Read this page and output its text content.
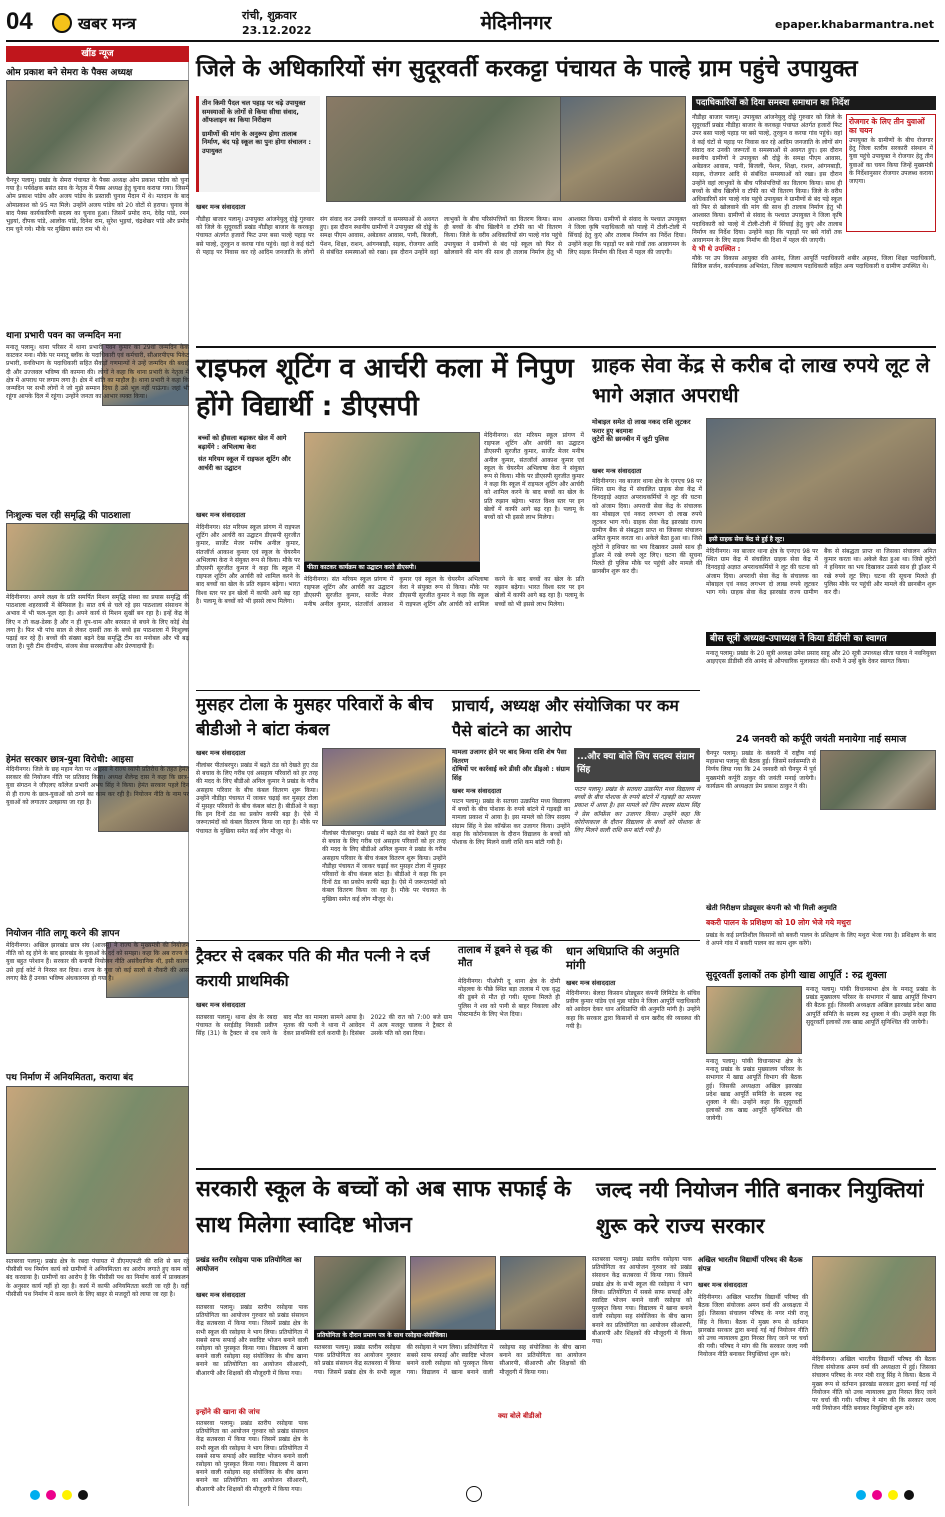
04	खबर मन्त्र	रांची, शुक्रवार
23.12.2022	मेदिनीनगर	epaper.khabarmantra.net
खींड न्यूज
ओम प्रकाश बने सेमरा के पैक्स अध्यक्ष
चैनपुर पलामू। प्रखंड के सेमरा पंचायत के पैक्स अध्यक्ष ओम प्रकाश पांडेय को चुना गया है। पर्यवेक्षक बसंत साव के नेतृत्व में पैक्स अध्यक्ष हेतु चुनाव कराया गया। जिसमें ओम प्रकाश पांडेय और अजय पांडेय के प्रस्तावी चुनाव मैदान में थे। मतदान के बाद ओमप्रकाश को 95 मत मिले। उन्होंने अजय पांडेय को 20 वोटों से हराया। चुनाव के बाद पैक्स कार्यकारिणी सदस्य का चुनाव हुआ। जिसमें प्रमोद राम, देवेंद्र पांडे, रमन भुइयां, दीपक पांडे, आलोक पांडे, दिनेश राम, सुरेश भुइयां, चंद्रशेखर पांडे और प्रमोद राम चुने गये। मौके पर मुखिया बसंत राम भी थे।
थाना प्रभारी पवन का जन्मदिन मना
मनातू पलामू। थाना परिसर में थाना प्रभारी पवन कुमार का 29वां जन्मदिन केक काटकर मना। मौके पर मनातू ब्लॉक के पदाधिकारी एवं कर्मचारी, सीआरपीएफ पिकेट प्रभारी, वनविभाग के पदाधिकारी सहित सैकड़ों गणमान्यों ने उन्हें जन्मदिन की बधाई दी और उज्जवल भविष्य की कामना की। लोगों ने कहा कि थाना प्रभारी के नेतृत्व में क्षेत्र में अपराध पर लगाम लगा है। क्षेत्र में शांति का माहौल है। थाना प्रभारी ने कहा कि जन्मदिन पर सभी लोगों ने जो मुझे सम्मान दिया है उसे भूल नहीं पाऊंगा। जहां भी रहूंगा आपके दिल में रहूंगा। उन्होंने जनता का आभार व्यक्त किया।
निःशुल्क चल रही समृद्धि की पाठशाला
मेदिनीनगर। अपने लक्ष्य के प्रति समर्पित मिशन समृद्धि संस्था का प्रयास समृद्धि की पाठशाला शहरवासी में बेमिसाल है। सात वर्ष से चले रहे इस पाठशाला संसाधन के अभाव में भी फल-फूल रहा है। अपने कार्य से मिशन सुर्खी बन रहा है। इन्हें केंद्र के लिए न तो कक्ष-डेस्क है और न ही धूप-धाम और बरसात से बचने के लिए कोई शेड लगा है। फिर भी पांच साल से लेकर दसवीं तक के बच्चे इस पाठशाला में निःशुल्क पढ़ाई कर रहे हैं। बच्चों की संख्या बढ़ने देख समृद्धि टीम का मनोबल और भी बढ़ जाता है। पूरी टीम दीनदीप, संजय सेवा सरस्वतीया और प्रेरणादायी हैं।
हेमंत सरकार छात्र-युवा विरोधी: आइसा
मेदिनीनगर। जिले के छह महान नेता पर आइसा ने राज्य व्यापी प्रतिरोध के तहत हेमंत सरकार की नियोजन नीति पर प्रतिवाद किया। अध्यक्ष शैलेन्द्र दास ने कहा कि छात्र-युवा संगठन ने जीएलए कॉलेज प्रभारी अभय सिंह ने किया। हेमंत सरकार पहले दिन से ही राज्य के छात्र-युवाओं को ठगने का काम कर रही है। नियोजन नीति के नाम पर युवाओं को लगातार उलझाया जा रहा है।
नियोजन नीति लागू करने की ज्ञापन
मेदिनीनगर। अखिल झारखंड छात्र संघ (आजसू) ने राज्य के मुख्यमंत्री की नियोजन नीति को रद्द होने के बाद झारखंड के युवाओं के दर्द को समझा। कहा कि अब राज्य के युवा बहुत परेशान हैं। सरकार की बनायी नियोजन नीति असंवैधानिक थी, इसी कारण उसे हाई कोर्ट ने निरस्त कर दिया। राज्य के युवा जो कई सालों से नौकरी की आस लगाए बैठे हैं उनका भविष्य अंधकारमय हो गया है।
पथ निर्माण में अनियमितता, कराया बंद
सतबरवा पलामू। प्रखंड क्षेत्र के रबदा पंचायत में डीएमएफटी की राशि से बन रहे पीसीसी पथ निर्माण कार्य को ग्रामीणों ने अनियमितता का आरोप लगाते हुए काम को बंद करवाया है। ग्रामीणों का आरोप है कि पीसीसी पथ का निर्माण कार्य में प्राक्कलन के अनुसार कार्य नहीं हो रहा है। कार्य में काफी अनियमितता बरती जा रही है। वहीं पीसीसी पथ निर्माण में काम करने के लिए बाहर से मजदूरों को लाया जा रहा है।
जिले के अधिकारियों संग सुदूरवर्ती करकट्टा पंचायत के पाल्हे ग्राम पहुंचे उपायुक्त
तीन किमी पैदल चल पहाड़ पर चढ़े उपायुक्त समस्याओं के लोगों से किया सीधा संवाद, ऑफलाइन का किया निरीक्षण
ग्रामीणों की मांग के अनुरूप होगा तालाब निर्माण, बंद पड़े स्कूल का पुनः होगा संचालन : उपायुक्त
खबर मन्त्र संवाददाता
नौडीहा बाजार पलामू। उपायुक्त आंजनेयुलु दोड्डे गुरुवार को जिले के सुदूरवर्ती प्रखंड नौडीहा बाजार के करकट्टा पंचायत अंतर्गत हजारों फिट उपर बसा पाल्हे पहाड़ पर बसे पाल्हे, तुरकुन व करया गांव पहुंचे। वहां वे कई घंटों से पहाड़ पर निवास कर रहे आदिम जनजाति के लोगों संग संवाद कर उनकी जरूरतों व समस्याओं से अवगत हुए। इस दौरान स्थानीय ग्रामीणों ने उपायुक्त श्री दोड्डे के समक्ष पीएम आवास, अबेडकर आवास, पानी, बिजली, पेंशन, शिक्षा, राशन, आंगनबाड़ी, सड़क, रोजगार आदि से संबंधित समस्याओं को रखा। इस दौरान उन्होंने वहां लाभुकों के बीच परिसंपत्तियों का वितरण किया। साथ ही बच्चों के बीच खिलौने व टॉफी का भी वितरण किया। जिले के वरीय अधिकारियों संग पाल्हे गांव पहुंचे उपायुक्त ने ग्रामीणों से बंद पड़े स्कूल को फिर से खोलवाने की मांग की साथ ही तालाब निर्माण हेतु भी आश्वस्त किया। ग्रामीणों से संवाद के पश्चात उपायुक्त ने जिला कृषि पदाधिकारी को पाल्हे में टोली-टोली में सिंचाई हेतु कुएं और तालाब निर्माण का निर्देश दिया। उन्होंने कहा कि पहाड़ों पर बसे गांवों तक आवागमन के लिए सड़क निर्माण की दिशा में पहल की जाएगी।
पदाधिकारियों को दिया समस्या समाधान का निर्देश
नौडीहा बाजार पलामू। उपायुक्त आंजनेयुलु दोड्डे गुरुवार को जिले के सुदूरवर्ती प्रखंड नौडीहा बाजार के करकट्टा पंचायत अंतर्गत हजारों फिट उपर बसा पाल्हे पहाड़ पर बसे पाल्हे, तुरकुन व करया गांव पहुंचे। वहां वे कई घंटों से पहाड़ पर निवास कर रहे आदिम जनजाति के लोगों संग संवाद कर उनकी जरूरतों व समस्याओं से अवगत हुए। इस दौरान स्थानीय ग्रामीणों ने उपायुक्त श्री दोड्डे के समक्ष पीएम आवास, अबेडकर आवास, पानी, बिजली, पेंशन, शिक्षा, राशन, आंगनबाड़ी, सड़क, रोजगार आदि से संबंधित समस्याओं को रखा। इस दौरान उन्होंने वहां लाभुकों के बीच परिसंपत्तियों का वितरण किया। साथ ही बच्चों के बीच खिलौने व टॉफी का भी वितरण किया। जिले के वरीय अधिकारियों संग पाल्हे गांव पहुंचे उपायुक्त ने ग्रामीणों से बंद पड़े स्कूल को फिर से खोलवाने की मांग की साथ ही तालाब निर्माण हेतु भी आश्वस्त किया। ग्रामीणों से संवाद के पश्चात उपायुक्त ने जिला कृषि पदाधिकारी को पाल्हे में टोली-टोली में सिंचाई हेतु कुएं और तालाब निर्माण का निर्देश दिया। उन्होंने कहा कि पहाड़ों पर बसे गांवों तक आवागमन के लिए सड़क निर्माण की दिशा में पहल की जाएगी।
रोजगार के लिए तीन युवाओं का चयन
उपायुक्त के ग्रामीणों के बीच रोजगार हेतु जिला स्तरीय सरकारी संस्थान में युवा पहुंचे उपायुक्त ने रोजगार हेतु तीन युवाओं का चयन किया जिन्हें मुख्यमंत्री के निर्देशानुसार रोजगार उपलब्ध कराया जाएगा।
ये भी थे उपस्थित :
मौके पर उप विकास आयुक्त रवि आनंद, जिला आपूर्ति पदाधिकारी शबीर अहमद, जिला शिक्षा पदाधिकारी, सिविल सर्जन, कार्यपालक अभियंता, जिला कल्याण पदाधिकारी सहित अन्य पदाधिकारी व ग्रामीण उपस्थित थे।
राइफल शूटिंग व आर्चरी कला में निपुण होंगे विद्यार्थी : डीएसपी
बच्चों को हौसला बढ़ाकर खेल में आगे बढ़ायेंगे : अभिलाषा केरा
संत मरियम स्कूल में राइफल शूटिंग और आर्चरी का उद्घाटन
खबर मन्त्र संवाददाता
फीता काटकर कार्यक्रम का उद्घाटन करते डीएसपी।
मेदिनीनगर। संत मरियम स्कूल प्रांगण में राइफल शूटिंग और आर्चरी का उद्घाटन डीएसपी सुरजीत कुमार, सार्जेंट मेजर मनीष अनील कुमार, संतजॉर्ज आकाश कुमार एवं स्कूल के चेयरमैन अभिलाषा केरा ने संयुक्त रूप से किया। मौके पर डीएसपी सुरजीत कुमार ने कहा कि स्कूल में राइफल शूटिंग और आर्चरी को शामिल करने के बाद बच्चों का खेल के प्रति रुझान बढ़ेगा। भारत विश्व स्तर पर इन खेलों में काफी आगे बढ़ रहा है। पलामू के बच्चों को भी इससे लाभ मिलेगा।
मेदिनीनगर। संत मरियम स्कूल प्रांगण में राइफल शूटिंग और आर्चरी का उद्घाटन डीएसपी सुरजीत कुमार, सार्जेंट मेजर मनीष अनील कुमार, संतजॉर्ज आकाश कुमार एवं स्कूल के चेयरमैन अभिलाषा केरा ने संयुक्त रूप से किया। मौके पर डीएसपी सुरजीत कुमार ने कहा कि स्कूल में राइफल शूटिंग और आर्चरी को शामिल करने के बाद बच्चों का खेल के प्रति रुझान बढ़ेगा। भारत विश्व स्तर पर इन खेलों में काफी आगे बढ़ रहा है। पलामू के बच्चों को भी इससे लाभ मिलेगा।
मेदिनीनगर। संत मरियम स्कूल प्रांगण में राइफल शूटिंग और आर्चरी का उद्घाटन डीएसपी सुरजीत कुमार, सार्जेंट मेजर मनीष अनील कुमार, संतजॉर्ज आकाश कुमार एवं स्कूल के चेयरमैन अभिलाषा केरा ने संयुक्त रूप से किया। मौके पर डीएसपी सुरजीत कुमार ने कहा कि स्कूल में राइफल शूटिंग और आर्चरी को शामिल करने के बाद बच्चों का खेल के प्रति रुझान बढ़ेगा। भारत विश्व स्तर पर इन खेलों में काफी आगे बढ़ रहा है। पलामू के बच्चों को भी इससे लाभ मिलेगा।
ग्राहक सेवा केंद्र से करीब दो लाख रुपये लूट ले भागे अज्ञात अपराधी
मोबाइल समेत दो लाख नकद राशि लूटकर फरार हुए बदमाश
लुटेरों की छानबीन में जुटी पुलिस
खबर मन्त्र संवाददाता
इसी ग्राहक सेवा केंद्र से हुई है लूट।
मेदिनीनगर। नव बाजार थाना क्षेत्र के एनएच 98 पर स्थित ग्राम केंद्र में संचालित ग्राहक सेवा केंद्र में दिनदहाड़े अज्ञात अपराधकर्मियों ने लूट की घटना को अंजाम दिया। अपराधी सेवा केंद्र के संचालक का मोबाइल एवं नकद लगभग दो लाख रुपये लूटकर भाग गये। ग्राहक सेवा केंद्र झारखंड राज्य ग्रामीण बैंक से संबद्धता प्राप्त था जिसका संचालन अमित कुमार करता था। अकेले बैठा हुआ था। जिसे लुटेरों ने हथियार का भय दिखाकर उससे साथ ही ड्रॉअर में रखे रुपये लूट लिए। घटना की सूचना मिलते ही पुलिस मौके पर पहुंची और मामले की छानबीन शुरू कर दी।
मेदिनीनगर। नव बाजार थाना क्षेत्र के एनएच 98 पर स्थित ग्राम केंद्र में संचालित ग्राहक सेवा केंद्र में दिनदहाड़े अज्ञात अपराधकर्मियों ने लूट की घटना को अंजाम दिया। अपराधी सेवा केंद्र के संचालक का मोबाइल एवं नकद लगभग दो लाख रुपये लूटकर भाग गये। ग्राहक सेवा केंद्र झारखंड राज्य ग्रामीण बैंक से संबद्धता प्राप्त था जिसका संचालन अमित कुमार करता था। अकेले बैठा हुआ था। जिसे लुटेरों ने हथियार का भय दिखाकर उससे साथ ही ड्रॉअर में रखे रुपये लूट लिए। घटना की सूचना मिलते ही पुलिस मौके पर पहुंची और मामले की छानबीन शुरू कर दी।
बीस सूत्री अध्यक्ष-उपाध्यक्ष ने किया डीडीसी का स्वागत
मनातू पलामू। प्रखंड के 20 सूत्री अध्यक्ष उमेश प्रसाद साहू और 20 सूत्री उपाध्यक्ष सीता यादव ने नवनियुक्त आइएएस डीडीसी रवि आनंद से औपचारिक मुलाकात की। सभी ने उन्हें बुके देकर स्वागत किया।
24 जनवरी को कर्पूरी जयंती मनायेगा नाई समाज
चैनपुर पलामू। प्रखंड के कंकारी में राष्ट्रीय नाई महासभा पलामू की बैठक हुई। जिसमें सर्वसम्मति से निर्णय लिया गया कि 24 जनवरी को चैनपुर में पूर्व मुख्यमंत्री कर्पूरी ठाकुर की जयंती मनाई जायेगी। कार्यक्रम की अध्यक्षता प्रेम प्रकाश ठाकुर ने की।
मुसहर टोला के मुसहर परिवारों के बीच बीडीओ ने बांटा कंबल
खबर मन्त्र संवाददाता
नीलांबर पीतांबरपुर। प्रखंड में बढ़ते ठंड को देखते हुए ठंड से बचाव के लिए गरीब एवं असहाय परिवारों को हर तरह की मदद के लिए बीडीओ अनिल कुमार ने प्रखंड के गरीब असहाय परिवार के बीच कंबल वितरण शुरू किया। उन्होंने नौडीहा पंचायत में जाकर चढ़ाई कर मुसहर टोला में मुसहर परिवारों के बीच कंबल बांटा है। बीडीओ ने कहा कि इन दिनों ठंड का प्रकोप काफी बढ़ा है। ऐसे में जरूरतमंदों को कंबल वितरण किया जा रहा है। मौके पर पंचायत के मुखिया समेत कई लोग मौजूद थे।	नीलांबर पीतांबरपुर। प्रखंड में बढ़ते ठंड को देखते हुए ठंड से बचाव के लिए गरीब एवं असहाय परिवारों को हर तरह की मदद के लिए बीडीओ अनिल कुमार ने प्रखंड के गरीब असहाय परिवार के बीच कंबल वितरण शुरू किया। उन्होंने नौडीहा पंचायत में जाकर चढ़ाई कर मुसहर टोला में मुसहर परिवारों के बीच कंबल बांटा है। बीडीओ ने कहा कि इन दिनों ठंड का प्रकोप काफी बढ़ा है। ऐसे में जरूरतमंदों को कंबल वितरण किया जा रहा है। मौके पर पंचायत के मुखिया समेत कई लोग मौजूद थे।
प्राचार्य, अध्यक्ष और संयोजिका पर कम पैसे बांटने का आरोप
मामला उजागर होने पर बाद किया राशि शेष पैसा वितरण
दोषियों पर कार्रवाई करे डीसी और डीइओ : संग्राम सिंह
...और क्या बोले जिप सदस्य संग्राम सिंह
पाटन पलामू। प्रखंड के सतघरा उत्क्रमित मध्य विद्यालय में बच्चों के बीच पोशाक के रुपये बांटने में गड़बड़ी का मामला प्रकाश में आया है। इस मामले को जिप सदस्य संग्राम सिंह ने प्रेस कॉन्फ्रेंस कर उजागर किया। उन्होंने कहा कि कोरोनाकाल के दौरान विद्यालय के बच्चों को पोशाक के लिए मिलने वाली राशि कम बांटी गयी है।
खबर मन्त्र संवाददाता
पाटन पलामू। प्रखंड के सतघरा उत्क्रमित मध्य विद्यालय में बच्चों के बीच पोशाक के रुपये बांटने में गड़बड़ी का मामला प्रकाश में आया है। इस मामले को जिप सदस्य संग्राम सिंह ने प्रेस कॉन्फ्रेंस कर उजागर किया। उन्होंने कहा कि कोरोनाकाल के दौरान विद्यालय के बच्चों को पोशाक के लिए मिलने वाली राशि कम बांटी गयी है।
ट्रैक्टर से दबकर पति की मौत पत्नी ने दर्ज करायी प्राथमिकी
खबर मन्त्र संवाददाता
सतबरवा पलामू। थाना क्षेत्र के रबदा पंचायत के सरईडीह निवासी प्रवीण सिंह (31) के ट्रैक्टर से दब जाने के बाद मौत का मामला सामने आया है। मृतक की पत्नी ने थाना में आवेदन देकर प्राथमिकी दर्ज करायी है। दिसंबर 2022 की रात को 7:00 बजे ग्राम में अत्य मजदूर चालक ने ट्रैक्टर से उसके पति को दबा दिया।
तालाब में डूबने से वृद्ध की मौत
मेदिनीनगर। पीओपी दू थाना क्षेत्र के दोमी मोहल्ला के पीछे स्थित बड़ा तालाब में एक वृद्ध की डूबने से मौत हो गयी। सूचना मिलते ही पुलिस ने शव को पानी से बाहर निकाला और पोस्टमार्टम के लिए भेज दिया।
धान अधिप्राप्ति की अनुमति मांगी
खबर मन्त्र संवाददाता
मेदिनीनगर। बेलदा किसान प्रोड्यूसर कंपनी लिमिटेड के संचिव प्रवीण कुमार पांडेय एवं मुन्ना पांडेय ने जिला आपूर्ति पदाधिकारी को आवेदन देकर धान अधिप्राप्ति की अनुमति मांगी है। उन्होंने कहा कि सरकार द्वारा किसानों से धान खरीद की व्यवस्था की गयी है।
खेती निरीक्षण प्रोड्यूसर कंपनी को भी मिली अनुमति
बकरी पालन के प्रशिक्षण को 10 लोग भेजे गये मथुरा
प्रखंड के कई प्रगतिशील किसानों को बकरी पालन के प्रशिक्षण के लिए मथुरा भेजा गया है। प्रशिक्षण के बाद वे अपने गांव में बकरी पालन का काम शुरू करेंगे।
सुदूरवर्ती इलाकों तक होगी खाद्य आपूर्ति : रुद्र शुक्ला
मनातू पलामू। पांकी विधानसभा क्षेत्र के मनातू प्रखंड के प्रखंड मुख्यालय परिसर के सभागार में खाद्य आपूर्ति विभाग की बैठक हुई। जिसकी अध्यक्षता अखिल झारखंड प्रदेश खाद्य आपूर्ति समिति के सदस्य रुद्र शुक्ला ने की। उन्होंने कहा कि सुदूरवर्ती इलाकों तक खाद्य आपूर्ति सुनिश्चित की जायेगी।
मनातू पलामू। पांकी विधानसभा क्षेत्र के मनातू प्रखंड के प्रखंड मुख्यालय परिसर के सभागार में खाद्य आपूर्ति विभाग की बैठक हुई। जिसकी अध्यक्षता अखिल झारखंड प्रदेश खाद्य आपूर्ति समिति के सदस्य रुद्र शुक्ला ने की। उन्होंने कहा कि सुदूरवर्ती इलाकों तक खाद्य आपूर्ति सुनिश्चित की जायेगी।
सरकारी स्कूल के बच्चों को अब साफ सफाई के साथ मिलेगा स्वादिष्ट भोजन
प्रखंड स्तरीय रसोइया पाक प्रतियोगिता का आयोजन
खबर मन्त्र संवाददाता
सतबरवा पलामू। प्रखंड स्तरीय रसोइया पाक प्रतियोगिता का आयोजन गुरुवार को प्रखंड संसाधन केंद्र सतबरवा में किया गया। जिसमें प्रखंड क्षेत्र के सभी स्कूल की रसोइया ने भाग लिया। प्रतियोगिता में सबसे साफ सफाई और स्वादिष्ट भोजन बनाने वाली रसोइया को पुरस्कृत किया गया। विद्यालय में खाना बनाने वाली रसोइया सह संयोजिका के बीच खाना बनाने का प्रतियोगिता का आयोजन सीआरपी, बीआरपी और शिक्षकों की मौजूदगी में किया गया।
इन्होंने की खाना की जांच
सतबरवा पलामू। प्रखंड स्तरीय रसोइया पाक प्रतियोगिता का आयोजन गुरुवार को प्रखंड संसाधन केंद्र सतबरवा में किया गया। जिसमें प्रखंड क्षेत्र के सभी स्कूल की रसोइया ने भाग लिया। प्रतियोगिता में सबसे साफ सफाई और स्वादिष्ट भोजन बनाने वाली रसोइया को पुरस्कृत किया गया। विद्यालय में खाना बनाने वाली रसोइया सह संयोजिका के बीच खाना बनाने का प्रतियोगिता का आयोजन सीआरपी, बीआरपी और शिक्षकों की मौजूदगी में किया गया।
प्रतियोगिता के दौरान प्रमाण पत्र के साथ रसोइया-संयोजिका।
सतबरवा पलामू। प्रखंड स्तरीय रसोइया पाक प्रतियोगिता का आयोजन गुरुवार को प्रखंड संसाधन केंद्र सतबरवा में किया गया। जिसमें प्रखंड क्षेत्र के सभी स्कूल की रसोइया ने भाग लिया। प्रतियोगिता में सबसे साफ सफाई और स्वादिष्ट भोजन बनाने वाली रसोइया को पुरस्कृत किया गया। विद्यालय में खाना बनाने वाली रसोइया सह संयोजिका के बीच खाना बनाने का प्रतियोगिता का आयोजन सीआरपी, बीआरपी और शिक्षकों की मौजूदगी में किया गया।
क्या बोले बीडीओ
सतबरवा पलामू। प्रखंड स्तरीय रसोइया पाक प्रतियोगिता का आयोजन गुरुवार को प्रखंड संसाधन केंद्र सतबरवा में किया गया। जिसमें प्रखंड क्षेत्र के सभी स्कूल की रसोइया ने भाग लिया। प्रतियोगिता में सबसे साफ सफाई और स्वादिष्ट भोजन बनाने वाली रसोइया को पुरस्कृत किया गया। विद्यालय में खाना बनाने वाली रसोइया सह संयोजिका के बीच खाना बनाने का प्रतियोगिता का आयोजन सीआरपी, बीआरपी और शिक्षकों की मौजूदगी में किया गया।
जल्द नयी नियोजन नीति बनाकर नियुक्तियां शुरू करे राज्य सरकार
अखिल भारतीय विद्यार्थी परिषद की बैठक संपन्न
खबर मन्त्र संवाददाता
मेदिनीनगर। अखिल भारतीय विद्यार्थी परिषद की बैठक जिला संयोजक अमन वर्मा की अध्यक्षता में हुई। जिसका संचालन परिषद के नगर मंत्री राजू सिंह ने किया। बैठक में मुख्य रूप से वर्तमान झारखंड सरकार द्वारा बनाई गई नई नियोजन नीति को उच्च न्यायालय द्वारा निरस्त किए जाने पर चर्चा की गयी। परिषद ने मांग की कि सरकार जल्द नयी नियोजन नीति बनाकर नियुक्तियां शुरू करे।
मेदिनीनगर। अखिल भारतीय विद्यार्थी परिषद की बैठक जिला संयोजक अमन वर्मा की अध्यक्षता में हुई। जिसका संचालन परिषद के नगर मंत्री राजू सिंह ने किया। बैठक में मुख्य रूप से वर्तमान झारखंड सरकार द्वारा बनाई गई नई नियोजन नीति को उच्च न्यायालय द्वारा निरस्त किए जाने पर चर्चा की गयी। परिषद ने मांग की कि सरकार जल्द नयी नियोजन नीति बनाकर नियुक्तियां शुरू करे।
